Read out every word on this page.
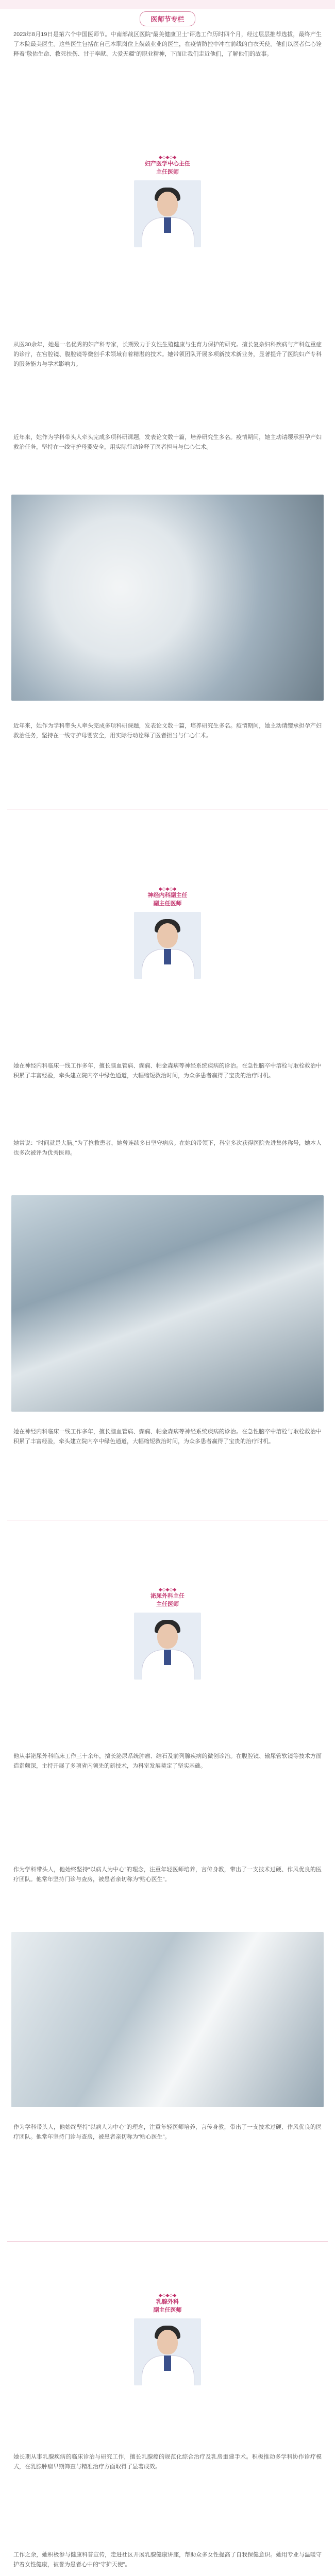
医师节专栏

2023年8月19日是第六个中国医师节。中南部战区医院“最美健康卫士”评选工作历时四个月，经过层层推荐选拔，最终产生了本院最美医生。这些医生包括在自己本职岗位上兢兢业业的医生，在疫情防控中冲在前线的白衣天使。他们以医者仁心诠释着“敬佑生命、救死扶伤、甘于奉献、大爱无疆”的职业精神，下面让我们走近他们，了解他们的故事。

◆◇◆◇◆
妇产医学中心主任
主任医师

从医30余年，她是一名优秀的妇产科专家，长期致力于女性生殖健康与生育力保护的研究。擅长复杂妇科疾病与产科危重症的诊疗，在宫腔镜、腹腔镜等微创手术领域有着精湛的技术。她带领团队开展多项新技术新业务，显著提升了医院妇产专科的服务能力与学术影响力。

近年来，她作为学科带头人牵头完成多项科研课题，发表论文数十篇，培养研究生多名。疫情期间，她主动请缨承担孕产妇救治任务，坚持在一线守护母婴安全，用实际行动诠释了医者担当与仁心仁术。

近年来，她作为学科带头人牵头完成多项科研课题，发表论文数十篇，培养研究生多名。疫情期间，她主动请缨承担孕产妇救治任务，坚持在一线守护母婴安全，用实际行动诠释了医者担当与仁心仁术。

◆◇◆◇◆
神经内科副主任
副主任医师

她在神经内科临床一线工作多年，擅长脑血管病、癫痫、帕金森病等神经系统疾病的诊治。在急性脑卒中溶栓与取栓救治中积累了丰富经验，牵头建立院内卒中绿色通道，大幅缩短救治时间，为众多患者赢得了宝贵的治疗时机。

她常说：“时间就是大脑。”为了抢救患者，她曾连续多日坚守病房。在她的带领下，科室多次获得医院先进集体称号，她本人也多次被评为优秀医师。

她在神经内科临床一线工作多年，擅长脑血管病、癫痫、帕金森病等神经系统疾病的诊治。在急性脑卒中溶栓与取栓救治中积累了丰富经验，牵头建立院内卒中绿色通道，大幅缩短救治时间，为众多患者赢得了宝贵的治疗时机。

◆◇◆◇◆
泌尿外科主任
主任医师

他从事泌尿外科临床工作三十余年，擅长泌尿系统肿瘤、结石及前列腺疾病的微创诊治。在腹腔镜、输尿管软镜等技术方面造诣颇深，主持开展了多项省内领先的新技术，为科室发展奠定了坚实基础。

作为学科带头人，他始终坚持“以病人为中心”的理念，注重年轻医师培养，言传身教，带出了一支技术过硬、作风优良的医疗团队。他常年坚持门诊与查房，被患者亲切称为“贴心医生”。

作为学科带头人，他始终坚持“以病人为中心”的理念，注重年轻医师培养，言传身教，带出了一支技术过硬、作风优良的医疗团队。他常年坚持门诊与查房，被患者亲切称为“贴心医生”。

◆◇◆◇◆
乳腺外科
副主任医师

她长期从事乳腺疾病的临床诊治与研究工作，擅长乳腺癌的规范化综合治疗及乳房重建手术。积极推动多学科协作诊疗模式，在乳腺肿瘤早期筛查与精准治疗方面取得了显著成效。

工作之余，她积极参与健康科普宣传，走进社区开展乳腺健康讲座，帮助众多女性提高了自我保健意识。她用专业与温暖守护着女性健康，被誉为患者心中的“守护天使”。
